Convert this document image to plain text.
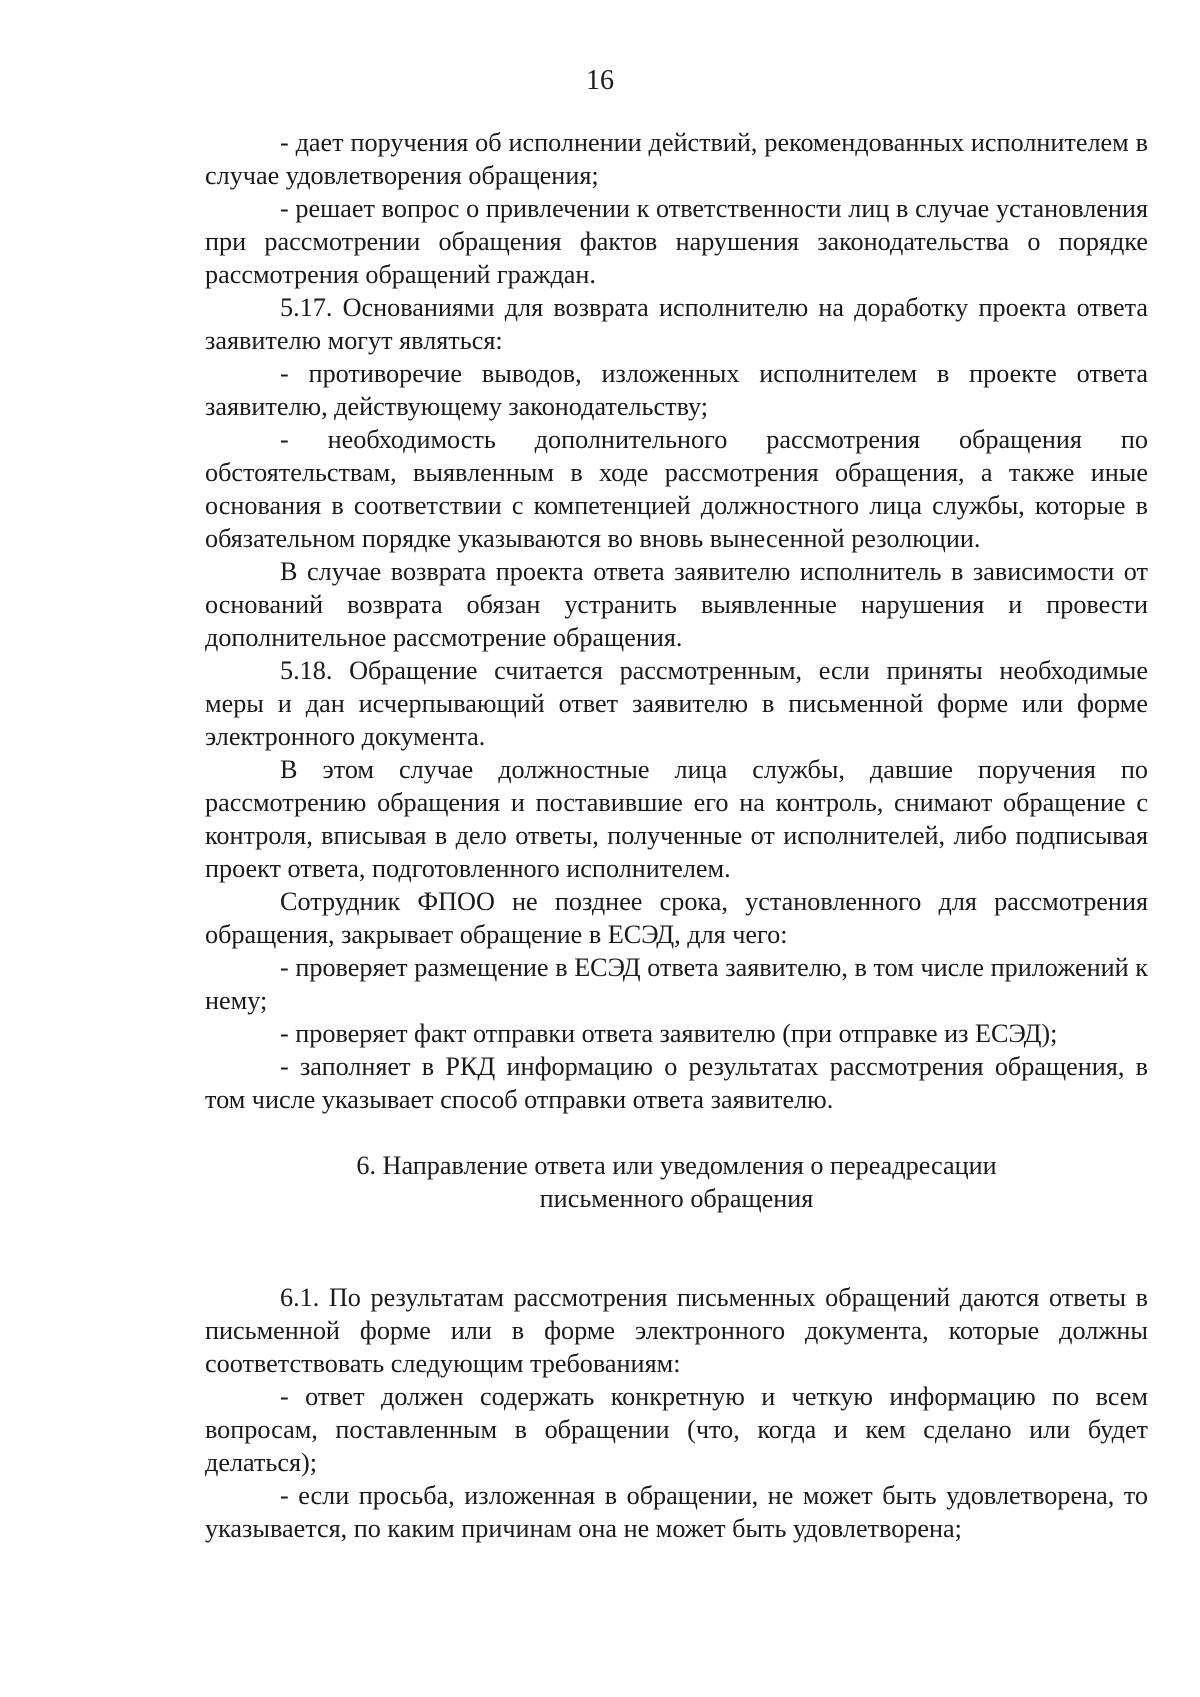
16

- дает поручения об исполнении действий, рекомендованных исполнителем в случае удовлетворения обращения;

- решает вопрос о привлечении к ответственности лиц в случае установления при рассмотрении обращения фактов нарушения законодательства о порядке рассмотрения обращений граждан.

5.17. Основаниями для возврата исполнителю на доработку проекта ответа заявителю могут являться:

- противоречие выводов, изложенных исполнителем в проекте ответа заявителю, действующему законодательству;

- необходимость дополнительного рассмотрения обращения по обстоятельствам, выявленным в ходе рассмотрения обращения, а также иные основания в соответствии с компетенцией должностного лица службы, которые в обязательном порядке указываются во вновь вынесенной резолюции.

В случае возврата проекта ответа заявителю исполнитель в зависимости от оснований возврата обязан устранить выявленные нарушения и провести дополнительное рассмотрение обращения.

5.18. Обращение считается рассмотренным, если приняты необходимые меры и дан исчерпывающий ответ заявителю в письменной форме или форме электронного документа.

В этом случае должностные лица службы, давшие поручения по рассмотрению обращения и поставившие его на контроль, снимают обращение с контроля, вписывая в дело ответы, полученные от исполнителей, либо подписывая проект ответа, подготовленного исполнителем.

Сотрудник ФПОО не позднее срока, установленного для рассмотрения обращения, закрывает обращение в ЕСЭД, для чего:

- проверяет размещение в ЕСЭД ответа заявителю, в том числе приложений к нему;

- проверяет факт отправки ответа заявителю (при отправке из ЕСЭД);

- заполняет в РКД информацию о результатах рассмотрения обращения, в том числе указывает способ отправки ответа заявителю.

6. Направление ответа или уведомления о переадресации

письменного обращения

6.1. По результатам рассмотрения письменных обращений даются ответы в письменной форме или в форме электронного документа, которые должны соответствовать следующим требованиям:

- ответ должен содержать конкретную и четкую информацию по всем вопросам, поставленным в обращении (что, когда и кем сделано или будет делаться);

- если просьба, изложенная в обращении, не может быть удовлетворена, то указывается, по каким причинам она не может быть удовлетворена;
